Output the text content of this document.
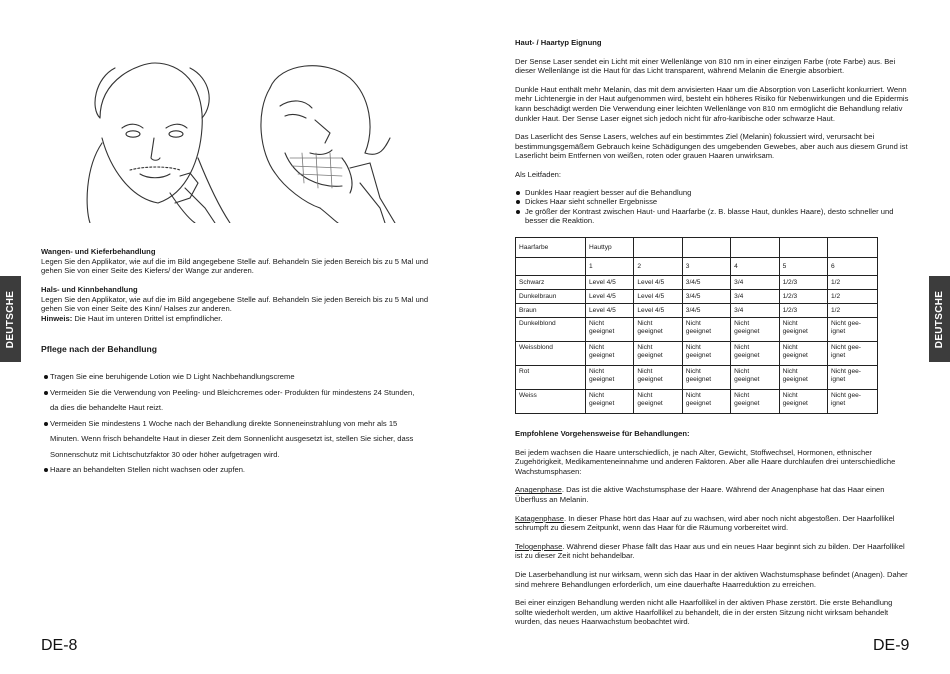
Wangen- und Kieferbehandlung
Legen Sie den Applikator, wie auf die im Bild angegebene Stelle auf. Behandeln Sie jeden Bereich bis zu 5 Mal und gehen Sie von einer Seite des Kiefers/ der Wange zur anderen.
Hals- und Kinnbehandlung
Legen Sie den Applikator, wie auf die im Bild angegebene Stelle auf. Behandeln Sie jeden Bereich bis zu 5 Mal und gehen Sie von einer Seite des Kinn/ Halses zur anderen.
Hinweis: Die Haut im unteren Drittel ist empfindlicher.
Pflege nach der Behandlung
Tragen Sie eine beruhigende Lotion wie D Light Nachbehandlungscreme
Vermeiden Sie die Verwendung von Peeling- und Bleichcremes oder- Produkten für mindestens 24 Stunden,
da dies die behandelte Haut reizt.
Vermeiden Sie mindestens 1 Woche nach der Behandlung direkte Sonneneinstrahlung von mehr als 15
Minuten. Wenn frisch behandelte Haut in dieser Zeit dem Sonnenlicht ausgesetzt ist, stellen Sie sicher, dass Sonnenschutz mit Lichtschutzfaktor 30 oder höher aufgetragen wird.
Haare an behandelten Stellen nicht wachsen oder zupfen.
DEUTSCHE
DE-8
DEUTSCHE
DE-9
Haut- / Haartyp Eignung

Der Sense Laser sendet ein Licht mit einer Wellenlänge von 810 nm in einer einzigen Farbe (rote Farbe) aus. Bei dieser Wellenlänge ist die Haut für das Licht transparent, während Melanin die Energie absorbiert.

Dunkle Haut enthält mehr Melanin, das mit dem anvisierten Haar um die Absorption von Laserlicht konkurriert. Wenn mehr Lichtenergie in der Haut aufgenommen wird, besteht ein höheres Risiko für Nebenwirkungen und die Epidermis kann beschädigt werden Die Verwendung einer leichten Wellenlänge von 810 nm ermöglicht die Behandlung relativ dunkler Haut. Der Sense Laser eignet sich jedoch nicht für afro-karibische oder schwarze Haut.

Das Laserlicht des Sense Lasers, welches auf ein bestimmtes Ziel (Melanin) fokussiert wird, verursacht bei bestimmungsgemäßem Gebrauch keine Schädigungen des umgebenden Gewebes, aber auch aus diesem Grund ist Laserlicht beim Entfernen von weißen, roten oder grauen Haaren unwirksam.

Als Leitfaden:

Dunkles Haar reagiert besser auf die Behandlung
Dickes Haar sieht schneller Ergebnisse
Je größer der Kontrast zwischen Haut- und Haarfarbe (z. B. blasse Haut, dunkles Haare), desto schneller und besser die Reaktion.
Haarfarbe	Hauttyp					
	1	2	3	4	5	6
Schwarz	Level 4/5	Level 4/5	3/4/5	3/4	1/2/3	1/2
Dunkelbraun	Level 4/5	Level 4/5	3/4/5	3/4	1/2/3	1/2
Braun	Level 4/5	Level 4/5	3/4/5	3/4	1/2/3	1/2
Dunkelblond	Nicht geeignet	Nicht geeignet	Nicht geeignet	Nicht geeignet	Nicht geeignet	Nicht gee-ignet
Weissblond	Nicht geeignet	Nicht geeignet	Nicht geeignet	Nicht geeignet	Nicht geeignet	Nicht gee-ignet
Rot	Nicht geeignet	Nicht geeignet	Nicht geeignet	Nicht geeignet	Nicht geeignet	Nicht gee-ignet
Weiss	Nicht geeignet	Nicht geeignet	Nicht geeignet	Nicht geeignet	Nicht geeignet	Nicht gee-ignet
Empfohlene Vorgehensweise für Behandlungen:

Bei jedem wachsen die Haare unterschiedlich, je nach Alter, Gewicht, Stoffwechsel, Hormonen, ethnischer Zugehörigkeit, Medikamenteneinnahme und anderen Faktoren. Aber alle Haare durchlaufen drei unterschiedliche Wachstumsphasen:

Anagenphase. Das ist die aktive Wachstumsphase der Haare. Während der Anagenphase hat das Haar einen Überfluss an Melanin.

Katagenphase. In dieser Phase hört das Haar auf zu wachsen, wird aber noch nicht abgestoßen. Der Haarfollikel schrumpft zu diesem Zeitpunkt, wenn das Haar für die Räumung vorbereitet wird.

Telogenphase. Während dieser Phase fällt das Haar aus und ein neues Haar beginnt sich zu bilden. Der Haarfollikel ist zu dieser Zeit nicht behandelbar.

Die Laserbehandlung ist nur wirksam, wenn sich das Haar in der aktiven Wachstumsphase befindet (Anagen). Daher sind mehrere Behandlungen erforderlich, um eine dauerhafte Haarreduktion zu erreichen.

Bei einer einzigen Behandlung werden nicht alle Haarfollikel in der aktiven Phase zerstört. Die erste Behandlung sollte wiederholt werden, um aktive Haarfollikel zu behandelt, die in der ersten Sitzung nicht wirksam behandelt wurden, das neues Haarwachstum beobachtet wird.
